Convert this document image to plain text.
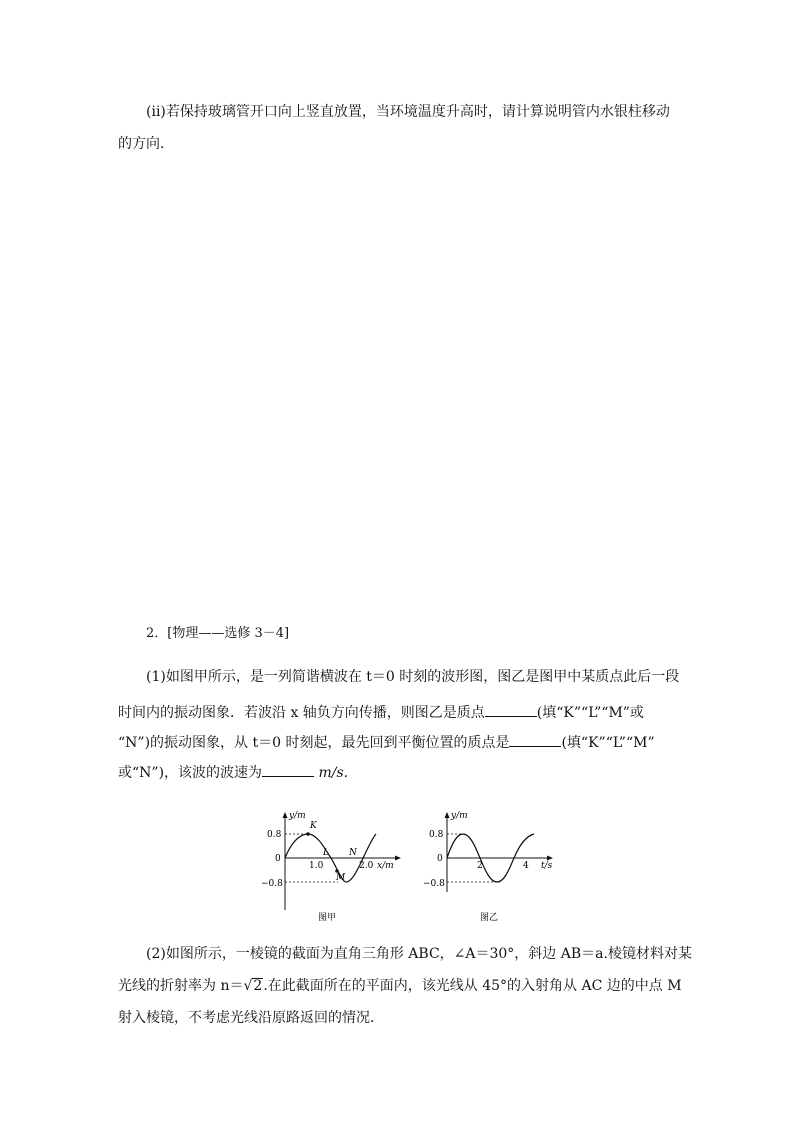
(ⅱ)若保持玻璃管开口向上竖直放置，当环境温度升高时，请计算说明管内水银柱移动
的方向．
2．[物理——选修 3－4]
(1)如图甲所示，是一列简谐横波在 t＝0 时刻的波形图，图乙是图甲中某质点此后一段
时间内的振动图象．若波沿 x 轴负方向传播，则图乙是质点	(填“K”“L”“M”或
“N”)的振动图象，从 t＝0 时刻起，最先回到平衡位置的质点是	(填“K”“L”“M”
或“N”)，该波的波速为	m/s.
y/m
0.8
0
−0.8
1.0	2.0 x/m
K
L
M
N
图甲
y/m
0.8
0
−0.8
2	4 t/s
图乙
(2)如图所示，一棱镜的截面为直角三角形 ABC，∠A＝30°，斜边 AB＝a.棱镜材料对某
光线的折射率为 n＝√2.在此截面所在的平面内，该光线从 45°的入射角从 AC 边的中点 M
射入棱镜，不考虑光线沿原路返回的情况．
